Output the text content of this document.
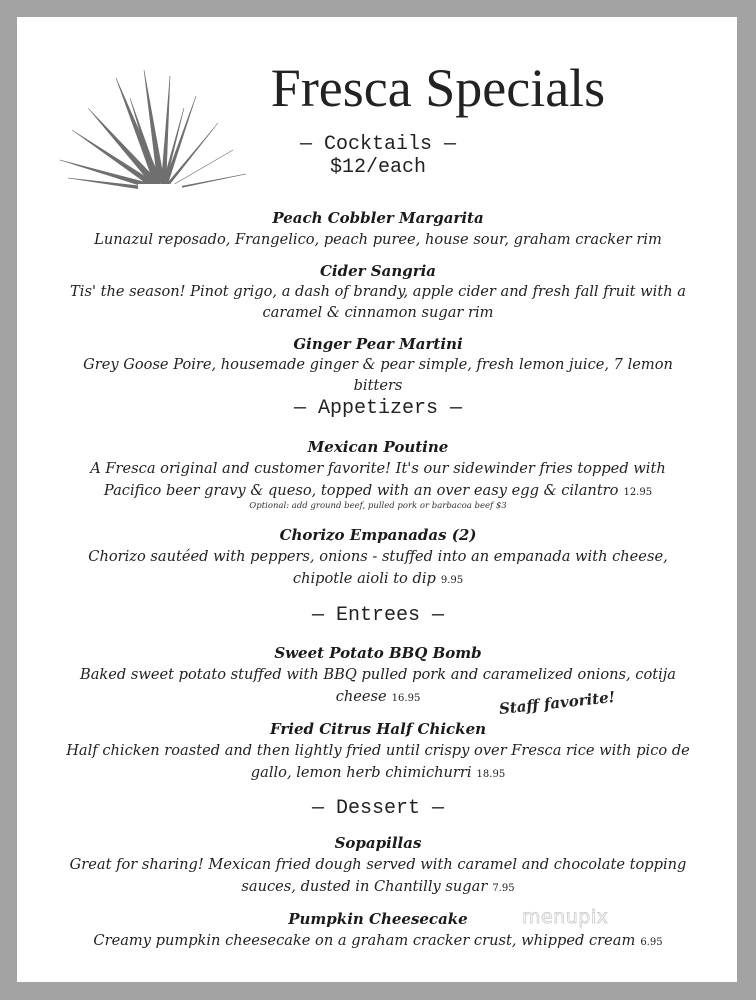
Fresca Specials
— Cocktails —
$12/each
Peach Cobbler Margarita
Lunazul reposado, Frangelico, peach puree, house sour, graham cracker rim
Cider Sangria
Tis' the season! Pinot grigo, a dash of brandy, apple cider and fresh fall fruit with a
caramel & cinnamon sugar rim
Ginger Pear Martini
Grey Goose Poire, housemade ginger & pear simple, fresh lemon juice, 7 lemon bitters
— Appetizers —
Mexican Poutine
A Fresca original and customer favorite! It's our sidewinder fries topped with
Pacifico beer gravy & queso, topped with an over easy egg & cilantro 12.95
Optional: add ground beef, pulled pork or barbacoa beef $3
Chorizo Empanadas (2)
Chorizo sautéed with peppers, onions - stuffed into an empanada with cheese,
chipotle aioli to dip 9.95
— Entrees —
Sweet Potato BBQ Bomb
Baked sweet potato stuffed with BBQ pulled pork and caramelized onions, cotija
cheese 16.95
Fried Citrus Half Chicken
Staff favorite!
Half chicken roasted and then lightly fried until crispy over Fresca rice with pico de
gallo, lemon herb chimichurri 18.95
— Dessert —
Sopapillas
Great for sharing! Mexican fried dough served with caramel and chocolate topping
sauces, dusted in Chantilly sugar 7.95
Pumpkin Cheesecake
Creamy pumpkin cheesecake on a graham cracker crust, whipped cream 6.95
menupix
